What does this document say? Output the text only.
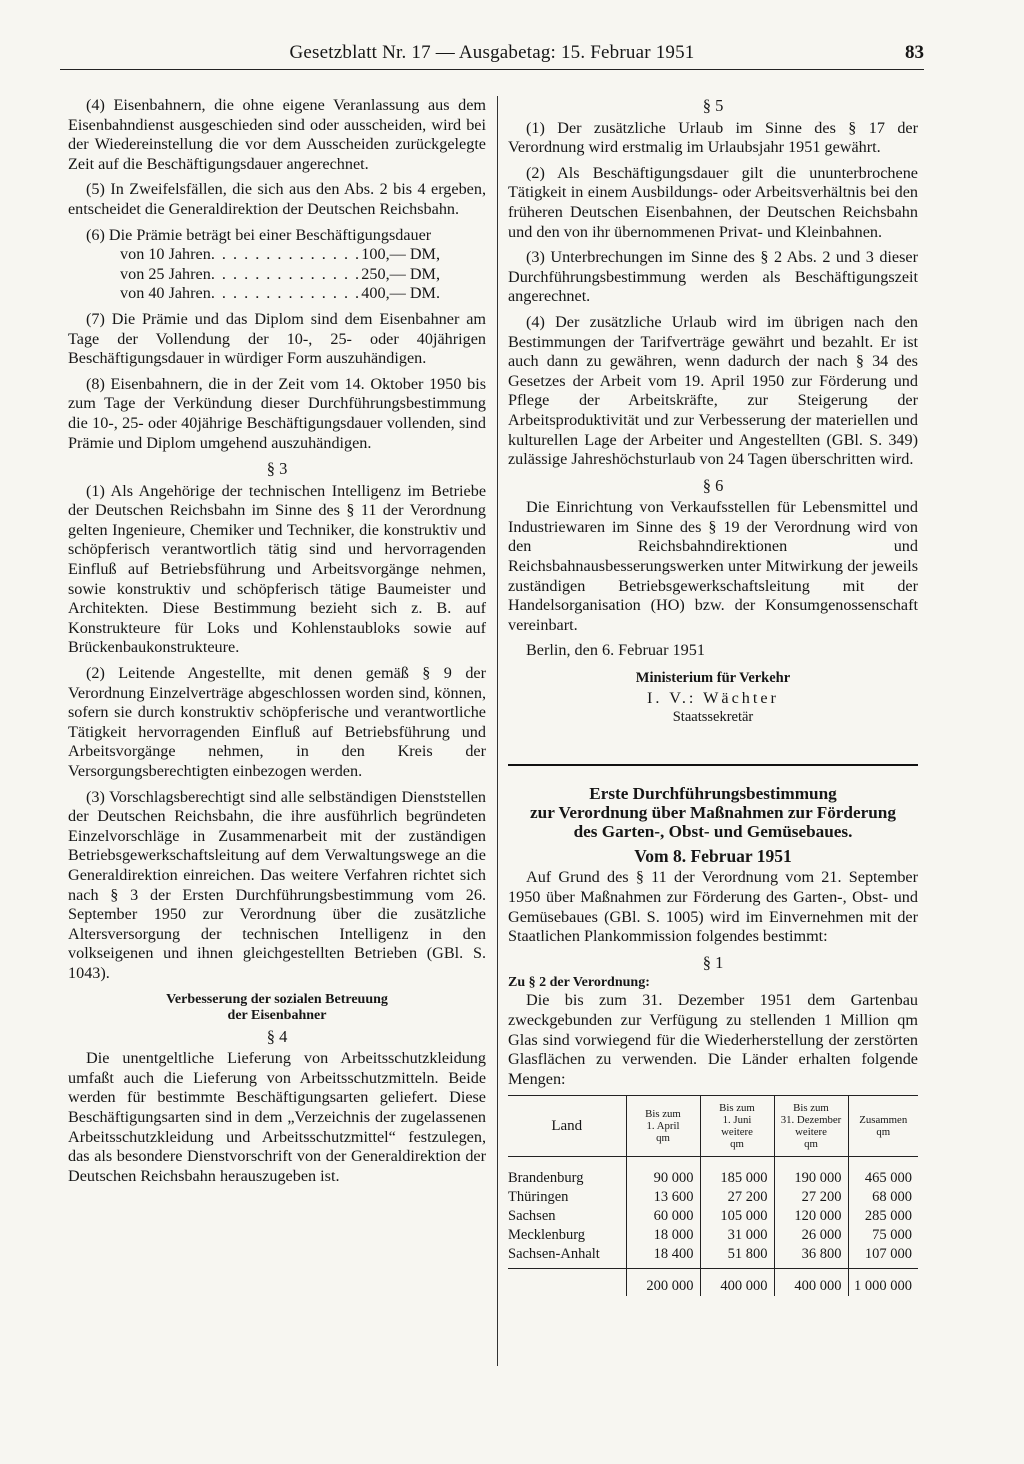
Gesetzblatt Nr. 17 — Ausgabetag: 15. Februar 1951	83

(4) Eisenbahnern, die ohne eigene Veranlassung aus dem Eisenbahndienst ausgeschieden sind oder ausscheiden, wird bei der Wiedereinstellung die vor dem Ausscheiden zurückgelegte Zeit auf die Beschäftigungsdauer angerechnet.

(5) In Zweifelsfällen, die sich aus den Abs. 2 bis 4 ergeben, entscheidet die Generaldirektion der Deutschen Reichsbahn.

(6) Die Prämie beträgt bei einer Beschäftigungsdauer

von 10 Jahren . . .	100,— DM,
von 25 Jahren . . .	250,— DM,
von 40 Jahren . . .	400,— DM.

(7) Die Prämie und das Diplom sind dem Eisenbahner am Tage der Vollendung der 10-, 25- oder 40jährigen Beschäftigungsdauer in würdiger Form auszuhändigen.

(8) Eisenbahnern, die in der Zeit vom 14. Oktober 1950 bis zum Tage der Verkündung dieser Durchführungsbestimmung die 10-, 25- oder 40jährige Beschäftigungsdauer vollenden, sind Prämie und Diplom umgehend auszuhändigen.

§ 3

(1) Als Angehörige der technischen Intelligenz im Betriebe der Deutschen Reichsbahn im Sinne des § 11 der Verordnung gelten Ingenieure, Chemiker und Techniker, die konstruktiv und schöpferisch verantwortlich tätig sind und hervorragenden Einfluß auf Betriebsführung und Arbeitsvorgänge nehmen, sowie konstruktiv und schöpferisch tätige Baumeister und Architekten. Diese Bestimmung bezieht sich z. B. auf Konstrukteure für Loks und Kohlenstaubloks sowie auf Brückenbaukonstrukteure.

(2) Leitende Angestellte, mit denen gemäß § 9 der Verordnung Einzelverträge abgeschlossen worden sind, können, sofern sie durch konstruktiv schöpferische und verantwortliche Tätigkeit hervorragenden Einfluß auf Betriebsführung und Arbeitsvorgänge nehmen, in den Kreis der Versorgungsberechtigten einbezogen werden.

(3) Vorschlagsberechtigt sind alle selbständigen Dienststellen der Deutschen Reichsbahn, die ihre ausführlich begründeten Einzelvorschläge in Zusammenarbeit mit der zuständigen Betriebsgewerkschaftsleitung auf dem Verwaltungswege an die Generaldirektion einreichen. Das weitere Verfahren richtet sich nach § 3 der Ersten Durchführungsbestimmung vom 26. September 1950 zur Verordnung über die zusätzliche Altersversorgung der technischen Intelligenz in den volkseigenen und ihnen gleichgestellten Betrieben (GBl. S. 1043).

Verbesserung der sozialen Betreuung
der Eisenbahner
§ 4

Die unentgeltliche Lieferung von Arbeitsschutzkleidung umfaßt auch die Lieferung von Arbeitsschutzmitteln. Beide werden für bestimmte Beschäftigungsarten geliefert. Diese Beschäftigungsarten sind in dem „Verzeichnis der zugelassenen Arbeitsschutzkleidung und Arbeitsschutzmittel“ festzulegen, das als besondere Dienstvorschrift von der Generaldirektion der Deutschen Reichsbahn herauszugeben ist.

§ 5

(1) Der zusätzliche Urlaub im Sinne des § 17 der Verordnung wird erstmalig im Urlaubsjahr 1951 gewährt.

(2) Als Beschäftigungsdauer gilt die ununterbrochene Tätigkeit in einem Ausbildungs- oder Arbeitsverhältnis bei den früheren Deutschen Eisenbahnen, der Deutschen Reichsbahn und den von ihr übernommenen Privat- und Kleinbahnen.

(3) Unterbrechungen im Sinne des § 2 Abs. 2 und 3 dieser Durchführungsbestimmung werden als Beschäftigungszeit angerechnet.

(4) Der zusätzliche Urlaub wird im übrigen nach den Bestimmungen der Tarifverträge gewährt und bezahlt. Er ist auch dann zu gewähren, wenn dadurch der nach § 34 des Gesetzes der Arbeit vom 19. April 1950 zur Förderung und Pflege der Arbeitskräfte, zur Steigerung der Arbeitsproduktivität und zur Verbesserung der materiellen und kulturellen Lage der Arbeiter und Angestellten (GBl. S. 349) zulässige Jahreshöchsturlaub von 24 Tagen überschritten wird.

§ 6

Die Einrichtung von Verkaufsstellen für Lebensmittel und Industriewaren im Sinne des § 19 der Verordnung wird von den Reichsbahndirektionen und Reichsbahnausbesserungswerken unter Mitwirkung der jeweils zuständigen Betriebsgewerkschaftsleitung mit der Handelsorganisation (HO) bzw. der Konsumgenossenschaft vereinbart.

Berlin, den 6. Februar 1951
Ministerium für Verkehr
I. V.: Wächter
Staatssekretär
Erste Durchführungsbestimmung
zur Verordnung über Maßnahmen zur Förderung
des Garten-, Obst- und Gemüsebaues.
Vom 8. Februar 1951

Auf Grund des § 11 der Verordnung vom 21. September 1950 über Maßnahmen zur Förderung des Garten-, Obst- und Gemüsebaues (GBl. S. 1005) wird im Einvernehmen mit der Staatlichen Plankommission folgendes bestimmt:

§ 1
Zu § 2 der Verordnung:

Die bis zum 31. Dezember 1951 dem Gartenbau zweckgebunden zur Verfügung zu stellenden 1 Million qm Glas sind vorwiegend für die Wiederherstellung der zerstörten Glasflächen zu verwenden. Die Länder erhalten folgende Mengen:

Land	Bis zum
1. April
qm	Bis zum
1. Juni
weitere
qm	Bis zum
31. Dezember
weitere
qm	Zusammen
qm

Brandenburg	90 000	185 000	190 000	465 000
Thüringen	13 600	27 200	27 200	68 000
Sachsen	60 000	105 000	120 000	285 000
Mecklenburg	18 000	31 000	26 000	75 000
Sachsen-Anhalt	18 400	51 800	36 800	107 000
	200 000	400 000	400 000	1 000 000
